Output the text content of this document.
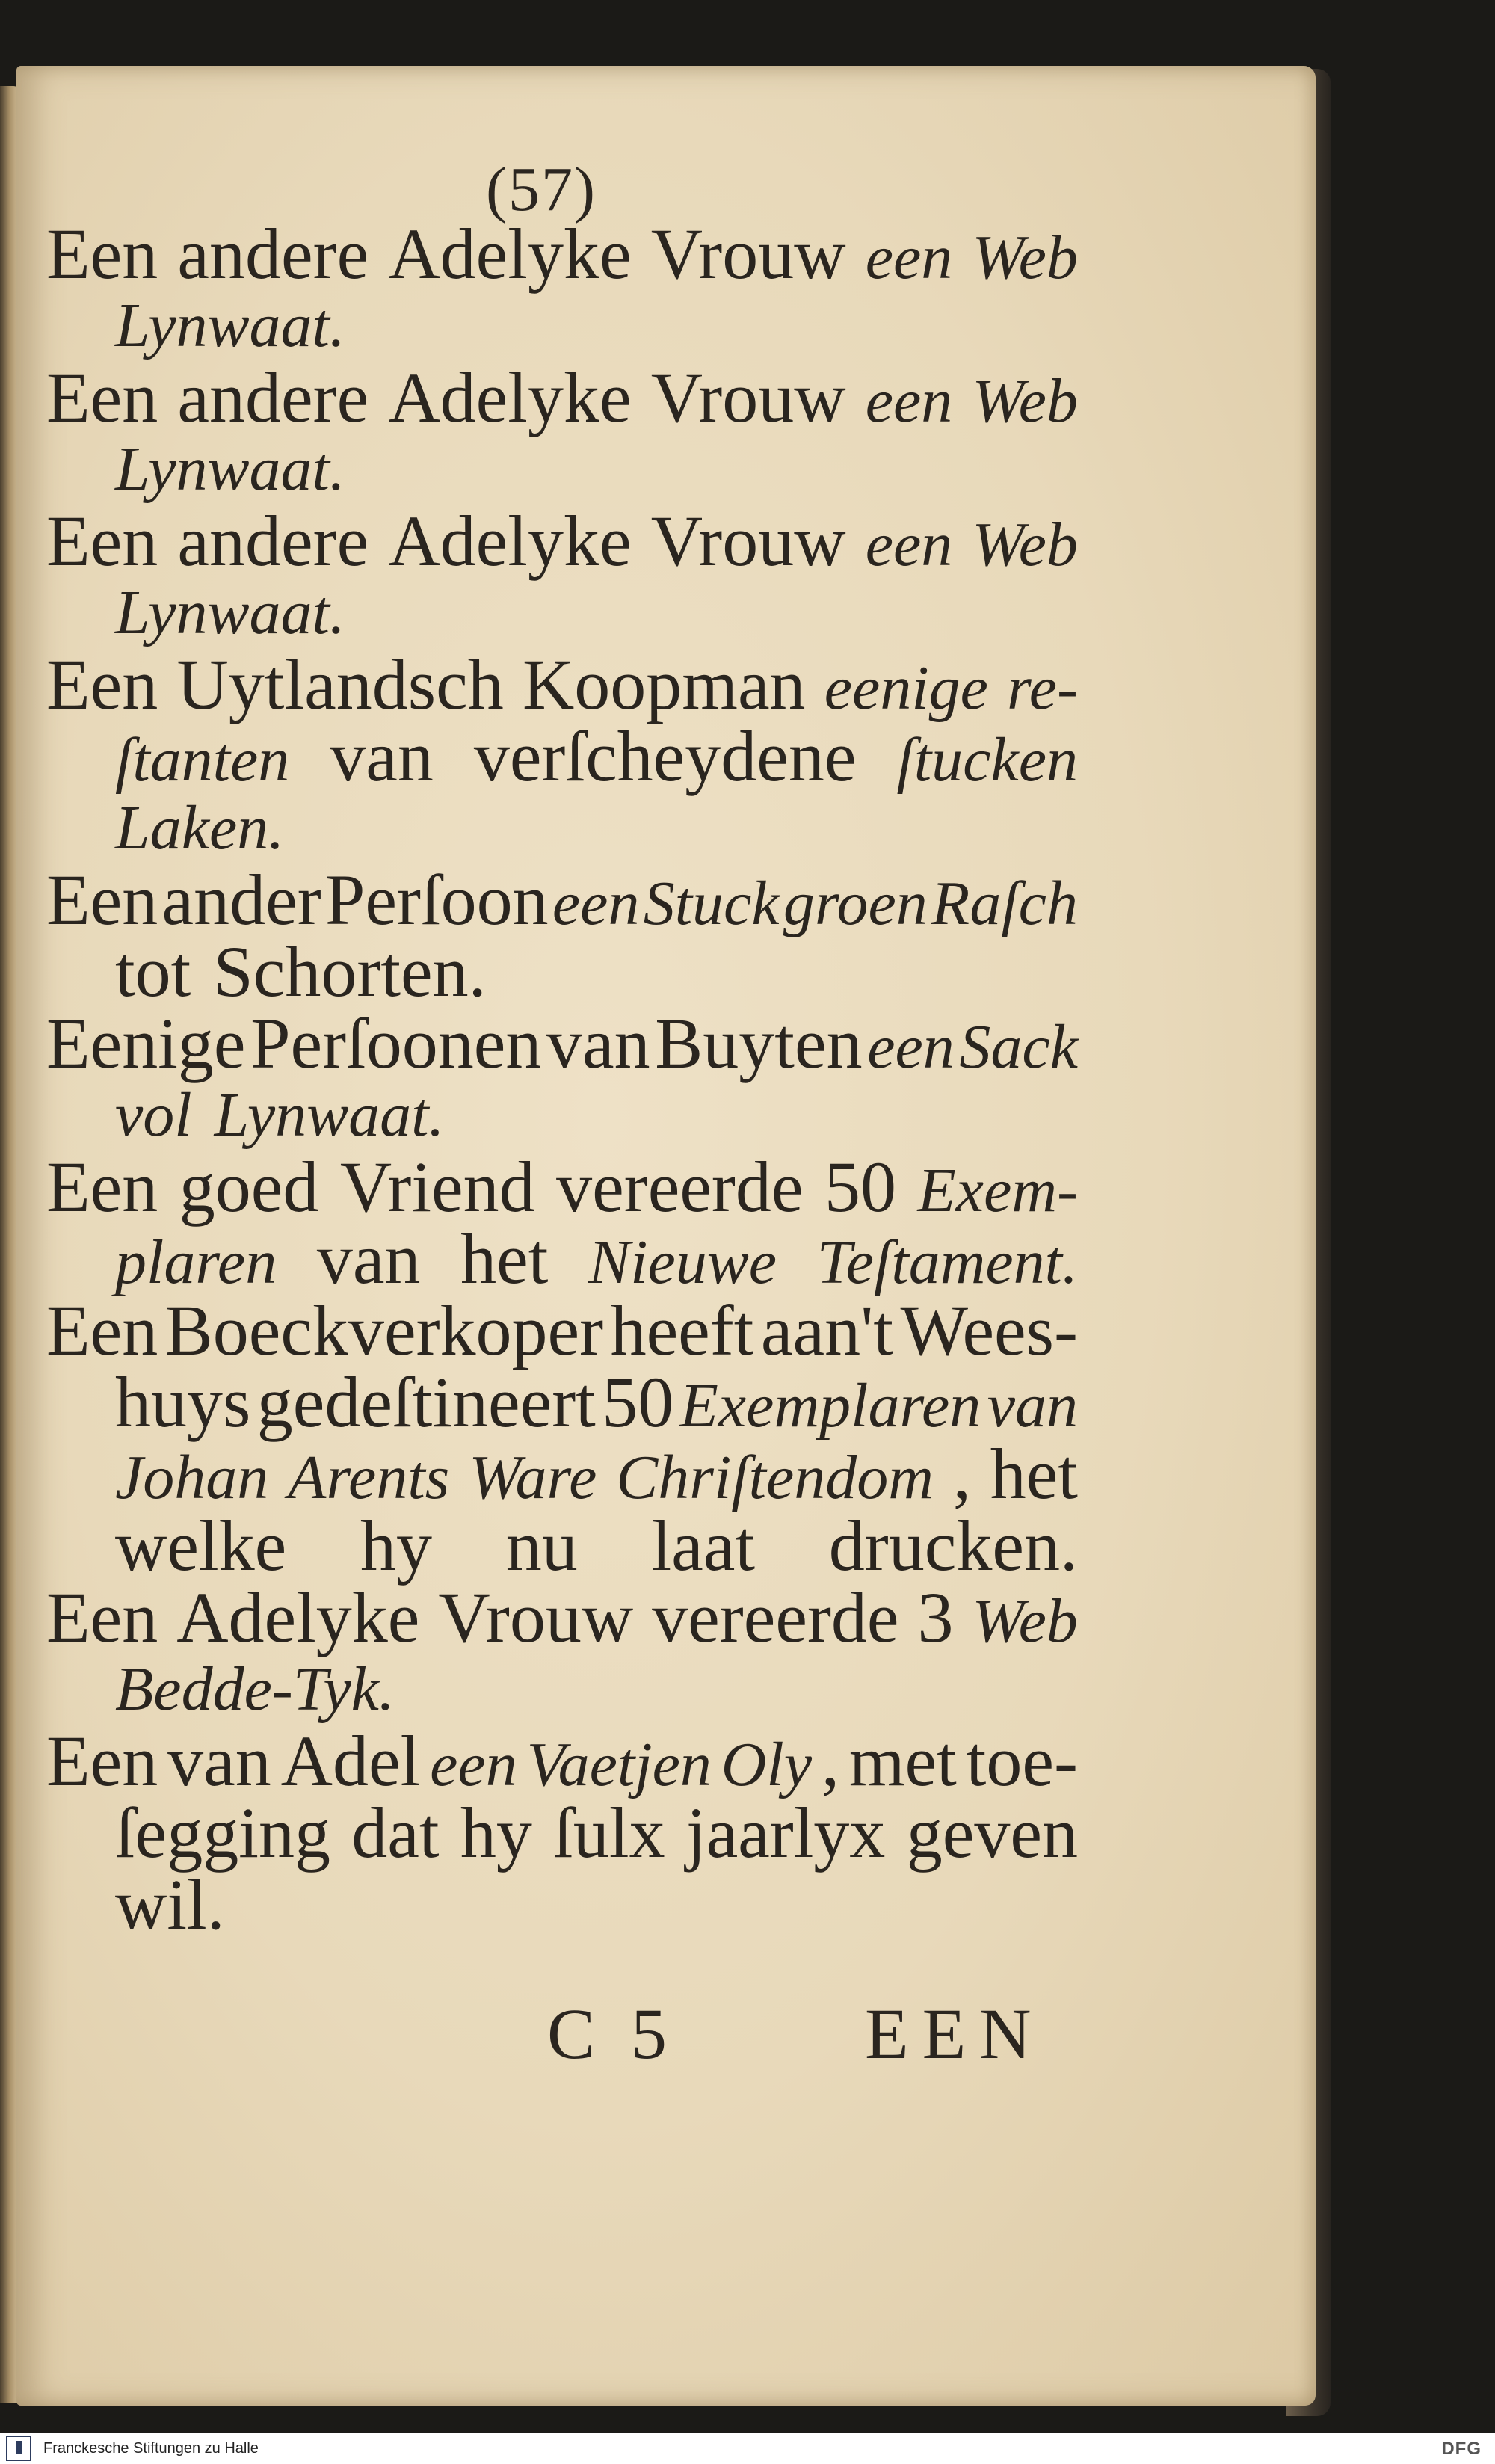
(57)
Een andere Adelyke Vrouw een Web
Lynwaat.
Een andere Adelyke Vrouw een Web
Lynwaat.
Een andere Adelyke Vrouw een Web
Lynwaat.
Een Uytlandsch Koopman eenige re-
ſtanten van verſcheydene ſtucken
Laken.
Een ander Perſoon een Stuck groen Raſch
tot Schorten.
Eenige Perſoonen van Buyten een Sack
vol Lynwaat.
Een goed Vriend vereerde 50 Exem-
plaren van het Nieuwe Teſtament.
Een Boeckverkoper heeft aan't Wees-
huys gedeſtineert 50 Exemplaren van
Johan Arents Ware Chriſtendom , het
welke hy nu laat drucken.
Een Adelyke Vrouw vereerde 3 Web
Bedde-Tyk.
Een van Adel een Vaetjen Oly , met toe-
ſegging dat hy ſulx jaarlyx geven
wil.
C 5	EEN
Franckesche Stiftungen zu Halle	DFG
